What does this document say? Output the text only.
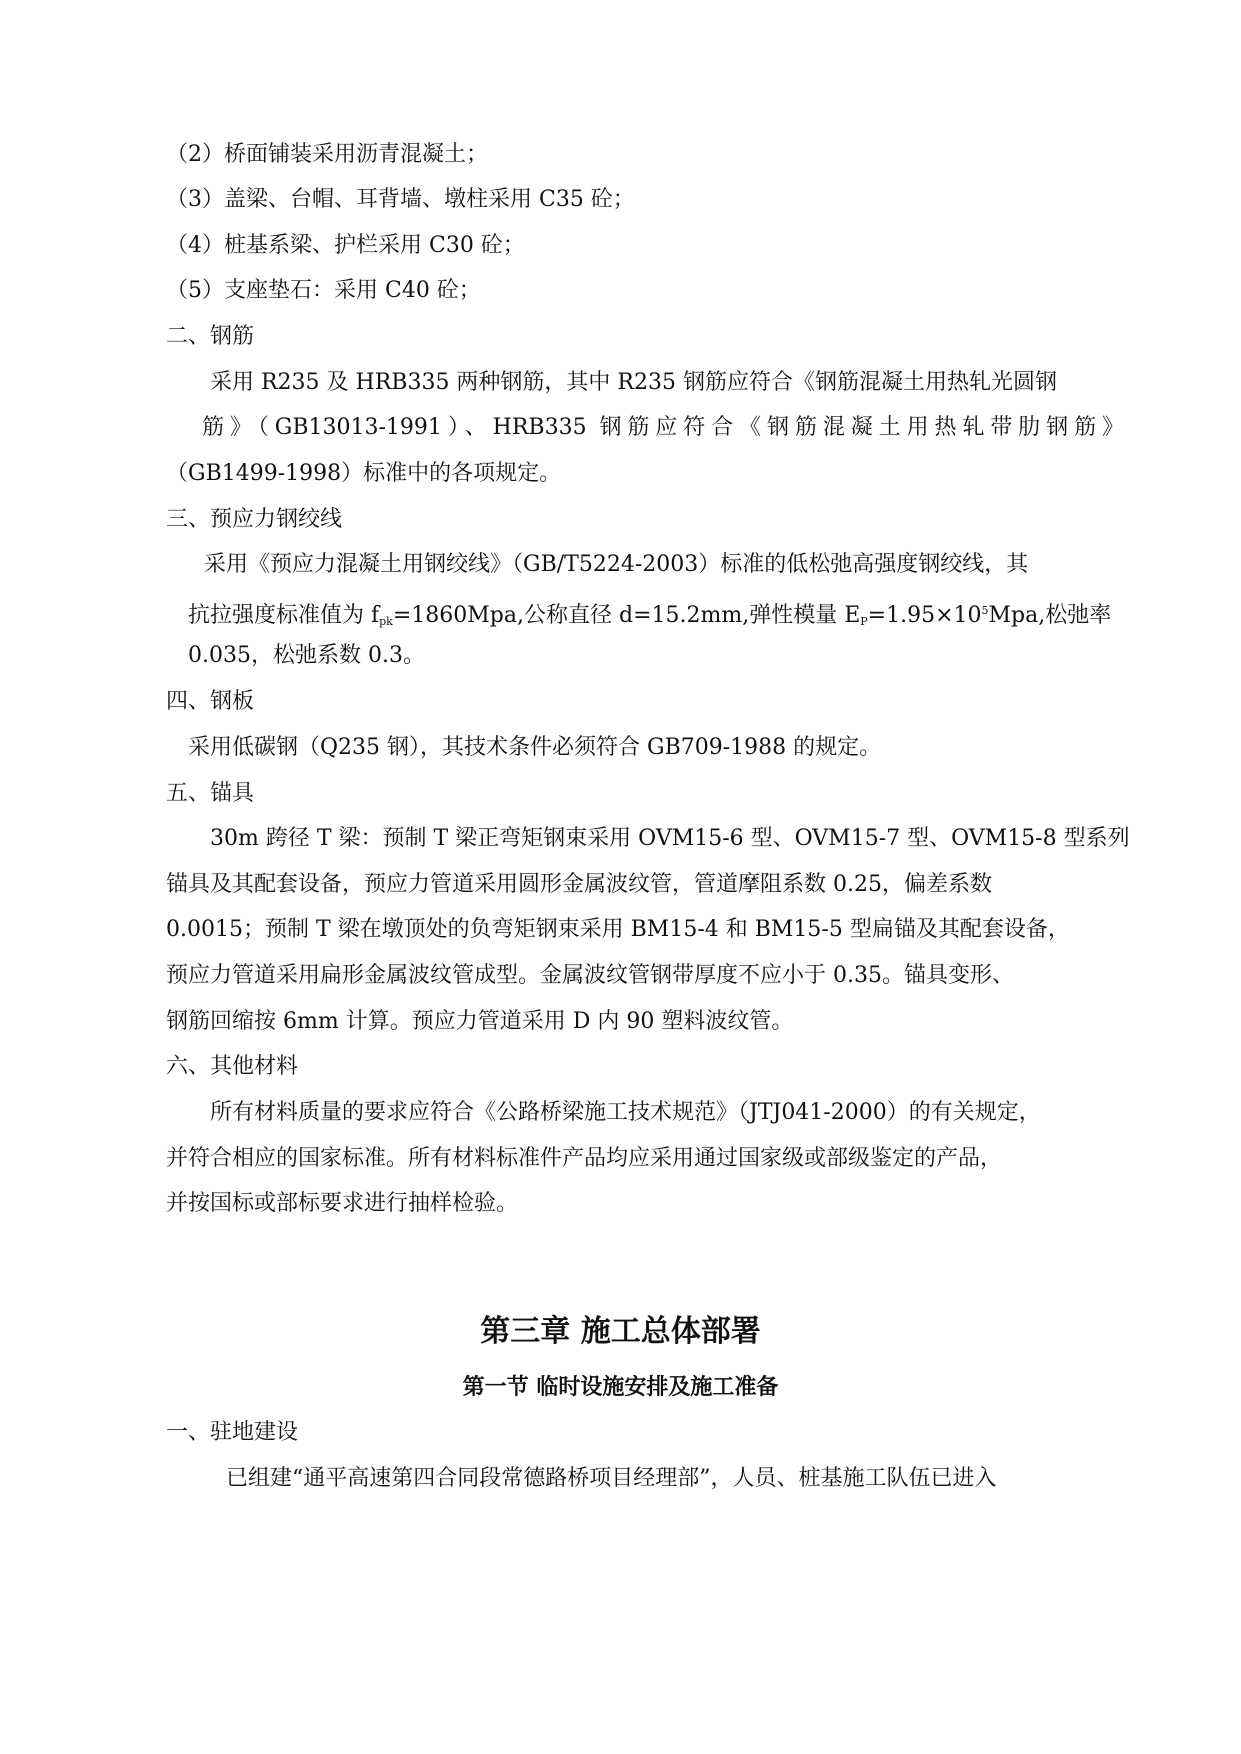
（2）桥面铺装采用沥青混凝土；
（3）盖梁、台帽、耳背墙、墩柱采用 C35 砼；
（4）桩基系梁、护栏采用 C30 砼；
（5）支座垫石：采用 C40 砼；
二、钢筋
采用 R235 及 HRB335 两种钢筋，其中 R235 钢筋应符合《钢筋混凝土用热轧光圆钢
筋》（GB13013-1991）、HRB335 钢筋应符合《钢筋混凝土用热轧带肋钢筋》
（GB1499-1998）标准中的各项规定。
三、预应力钢绞线
采用《预应力混凝土用钢绞线》（GB/T5224-2003）标准的低松弛高强度钢绞线，其
抗拉强度标准值为 $f_{pk}=1860Mpa$,公称直径 d=15.2mm,弹性模量 $E_P=1.95\times 10^5Mpa$,松弛率
0.035，松弛系数 0.3。
四、钢板
采用低碳钢（Q235 钢），其技术条件必须符合 GB709-1988 的规定。
五、锚具
30m 跨径 T 梁：预制 T 梁正弯矩钢束采用 OVM15-6 型、OVM15-7 型、OVM15-8 型系列
锚具及其配套设备，预应力管道采用圆形金属波纹管，管道摩阻系数 0.25，偏差系数
0.0015；预制 T 梁在墩顶处的负弯矩钢束采用 BM15-4 和 BM15-5 型扁锚及其配套设备，
预应力管道采用扁形金属波纹管成型。金属波纹管钢带厚度不应小于 0.35。锚具变形、
钢筋回缩按 6mm 计算。预应力管道采用 D 内 90 塑料波纹管。
六、其他材料
所有材料质量的要求应符合《公路桥梁施工技术规范》（JTJ041-2000）的有关规定，
并符合相应的国家标准。所有材料标准件产品均应采用通过国家级或部级鉴定的产品，
并按国标或部标要求进行抽样检验。
第三章 施工总体部署
第一节 临时设施安排及施工准备
一、驻地建设
已组建“通平高速第四合同段常德路桥项目经理部”，人员、桩基施工队伍已进入
